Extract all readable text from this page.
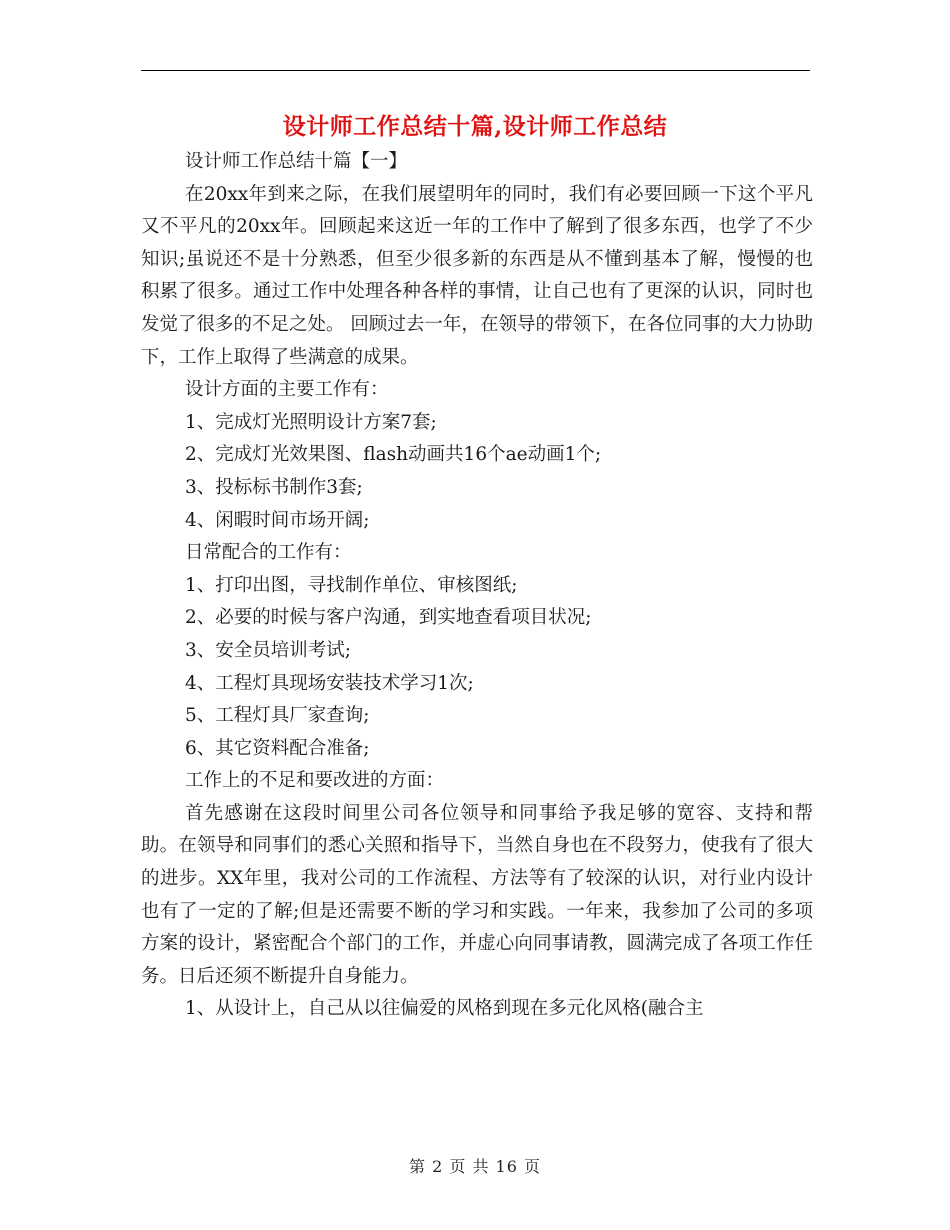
设计师工作总结十篇,设计师工作总结

设计师工作总结十篇【一】

在20xx年到来之际，在我们展望明年的同时，我们有必要回顾一下这个平凡又不平凡的20xx年。回顾起来这近一年的工作中了解到了很多东西，也学了不少知识;虽说还不是十分熟悉，但至少很多新的东西是从不懂到基本了解，慢慢的也积累了很多。通过工作中处理各种各样的事情，让自己也有了更深的认识，同时也发觉了很多的不足之处。 回顾过去一年，在领导的带领下，在各位同事的大力协助下，工作上取得了些满意的成果。

设计方面的主要工作有：

1、完成灯光照明设计方案7套;

2、完成灯光效果图、flash动画共16个ae动画1个;

3、投标标书制作3套;

4、闲暇时间市场开阔;

日常配合的工作有：

1、打印出图，寻找制作单位、审核图纸;

2、必要的时候与客户沟通，到实地查看项目状况;

3、安全员培训考试;

4、工程灯具现场安装技术学习1次;

5、工程灯具厂家查询;

6、其它资料配合准备;

工作上的不足和要改进的方面：

首先感谢在这段时间里公司各位领导和同事给予我足够的宽容、支持和帮助。在领导和同事们的悉心关照和指导下，当然自身也在不段努力，使我有了很大的进步。XX年里，我对公司的工作流程、方法等有了较深的认识，对行业内设计也有了一定的了解;但是还需要不断的学习和实践。一年来，我参加了公司的多项方案的设计，紧密配合个部门的工作，并虚心向同事请教，圆满完成了各项工作任务。日后还须不断提升自身能力。

1、从设计上，自己从以往偏爱的风格到现在多元化风格(融合主

第 2 页 共 16 页
